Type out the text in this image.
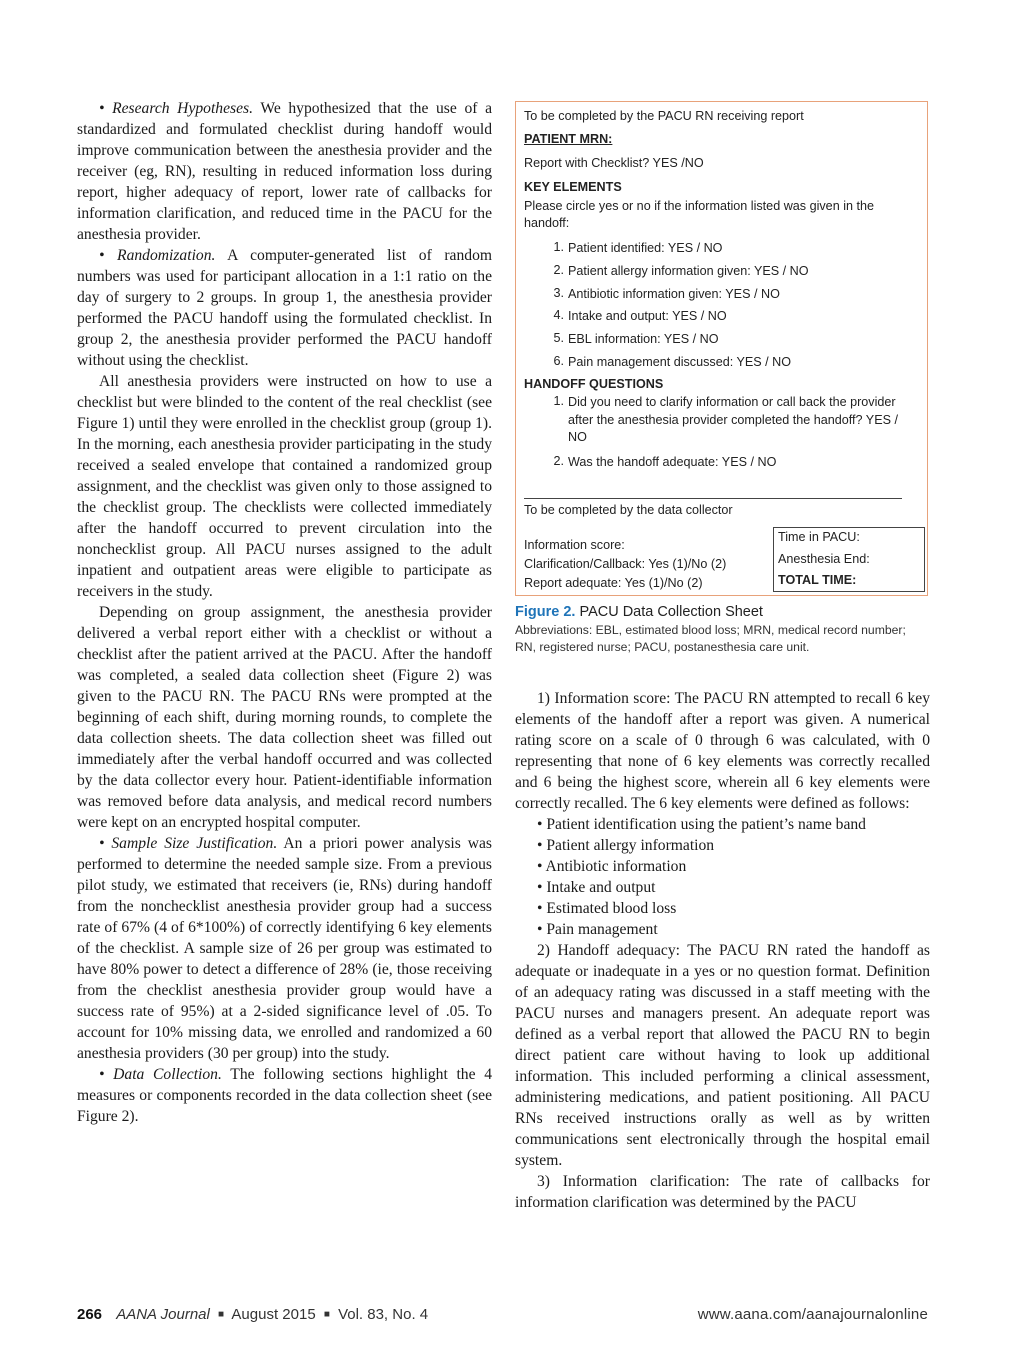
• Research Hypotheses. We hypothesized that the use of a standardized and formulated checklist during handoff would improve communication between the anesthesia provider and the receiver (eg, RN), resulting in reduced information loss during report, higher adequacy of report, lower rate of callbacks for information clarification, and reduced time in the PACU for the anesthesia provider.

• Randomization. A computer-generated list of random numbers was used for participant allocation in a 1:1 ratio on the day of surgery to 2 groups. In group 1, the anesthesia provider performed the PACU handoff using the formulated checklist. In group 2, the anesthesia provider performed the PACU handoff without using the checklist.

All anesthesia providers were instructed on how to use a checklist but were blinded to the content of the real checklist (see Figure 1) until they were enrolled in the checklist group (group 1). In the morning, each anesthesia provider participating in the study received a sealed envelope that contained a randomized group assignment, and the checklist was given only to those assigned to the checklist group. The checklists were collected immediately after the handoff occurred to prevent circulation into the nonchecklist group. All PACU nurses assigned to the adult inpatient and outpatient areas were eligible to participate as receivers in the study.

Depending on group assignment, the anesthesia provider delivered a verbal report either with a checklist or without a checklist after the patient arrived at the PACU. After the handoff was completed, a sealed data collection sheet (Figure 2) was given to the PACU RN. The PACU RNs were prompted at the beginning of each shift, during morning rounds, to complete the data collection sheets. The data collection sheet was filled out immediately after the verbal handoff occurred and was collected by the data collector every hour. Patient-identifiable information was removed before data analysis, and medical record numbers were kept on an encrypted hospital computer.

• Sample Size Justification. An a priori power analysis was performed to determine the needed sample size. From a previous pilot study, we estimated that receivers (ie, RNs) during handoff from the nonchecklist anesthesia provider group had a success rate of 67% (4 of 6*100%) of correctly identifying 6 key elements of the checklist. A sample size of 26 per group was estimated to have 80% power to detect a difference of 28% (ie, those receiving from the checklist anesthesia provider group would have a success rate of 95%) at a 2-sided significance level of .05. To account for 10% missing data, we enrolled and randomized a 60 anesthesia providers (30 per group) into the study.

• Data Collection. The following sections highlight the 4 measures or components recorded in the data collection sheet (see Figure 2).

To be completed by the PACU RN receiving report
PATIENT MRN:
Report with Checklist? YES /NO
KEY ELEMENTS
Please circle yes or no if the information listed was given in the handoff:
1. Patient identified: YES / NO
2. Patient allergy information given: YES / NO
3. Antibiotic information given: YES / NO
4. Intake and output: YES / NO
5. EBL information: YES / NO
6. Pain management discussed: YES / NO
HANDOFF QUESTIONS
1. Did you need to clarify information or call back the provider after the anesthesia provider completed the handoff? YES / NO
2. Was the handoff adequate: YES / NO
To be completed by the data collector
Information score:
Clarification/Callback: Yes (1)/No (2)
Report adequate: Yes (1)/No (2)
Time in PACU:
Anesthesia End:
TOTAL TIME:
Figure 2. PACU Data Collection Sheet
Abbreviations: EBL, estimated blood loss; MRN, medical record number; RN, registered nurse; PACU, postanesthesia care unit.

1) Information score: The PACU RN attempted to recall 6 key elements of the handoff after a report was given. A numerical rating score on a scale of 0 through 6 was calculated, with 0 representing that none of 6 key elements was correctly recalled and 6 being the highest score, wherein all 6 key elements were correctly recalled. The 6 key elements were defined as follows:

• Patient identification using the patient’s name band
• Patient allergy information
• Antibiotic information
• Intake and output
• Estimated blood loss
• Pain management

2) Handoff adequacy: The PACU RN rated the handoff as adequate or inadequate in a yes or no question format. Definition of an adequacy rating was discussed in a staff meeting with the PACU nurses and managers present. An adequate report was defined as a verbal report that allowed the PACU RN to begin direct patient care without having to look up additional information. This included performing a clinical assessment, administering medications, and patient positioning. All PACU RNs received instructions orally as well as by written communications sent electronically through the hospital email system.

3) Information clarification: The rate of callbacks for information clarification was determined by the PACU

266 AANA Journal ■ August 2015 ■ Vol. 83, No. 4	www.aana.com/aanajournalonline
